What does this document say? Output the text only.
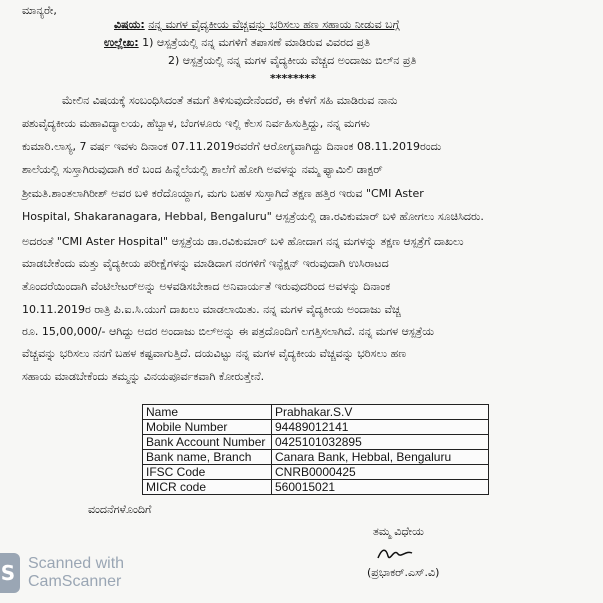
ಮಾನ್ಯರೇ,
ವಿಷಯ: ನನ್ನ ಮಗಳ ವೈದ್ಯಕೀಯ ವೆಚ್ಚವನ್ನು ಭರಿಸಲು ಹಣ ಸಹಾಯ ನೀಡುವ ಬಗ್ಗೆ
ಉಲ್ಲೇಖ: 1) ಆಸ್ಪತ್ರೆಯಲ್ಲಿ ನನ್ನ ಮಗಳಿಗೆ ತಪಾಸಣೆ ಮಾಡಿರುವ ವಿವರದ ಪ್ರತಿ
2) ಆಸ್ಪತ್ರೆಯಲ್ಲಿ ನನ್ನ ಮಗಳ ವೈದ್ಯಕೀಯ ವೆಚ್ಚದ ಅಂದಾಜು ಬಿಲ್‌ನ ಪ್ರತಿ
********
ಮೇಲಿನ ವಿಷಯಕ್ಕೆ ಸಂಬಂಧಿಸಿದಂತೆ ತಮಗೆ ತಿಳಿಸುವುದೇನೆಂದರೆ, ಈ ಕೆಳಗೆ ಸಹಿ ಮಾಡಿರುವ ನಾನು
ಪಶುವೈದ್ಯಕೀಯ ಮಹಾವಿದ್ಯಾಲಯ, ಹೆಬ್ಬಾಳ, ಬೆಂಗಳೂರು ಇಲ್ಲಿ ಕೆಲಸ ನಿರ್ವಹಿಸುತ್ತಿದ್ದು, ನನ್ನ ಮಗಳು
ಕುಮಾರಿ.ಲಾಸ್ಯ, 7 ವರ್ಷ ಇವಳು ದಿನಾಂಕ 07.11.2019ರವರೆಗೆ ಆರೋಗ್ಯವಾಗಿದ್ದು ದಿನಾಂಕ 08.11.2019ರಂದು
ಶಾಲೆಯಲ್ಲಿ ಸುಸ್ತಾಗಿರುವುದಾಗಿ ಕರೆ ಬಂದ ಹಿನ್ನೆಲೆಯಲ್ಲಿ ಶಾಲೆಗೆ ಹೋಗಿ ಅವಳನ್ನು ನಮ್ಮ ಫ್ಯಾಮಿಲಿ ಡಾಕ್ಟರ್
ಶ್ರೀಮತಿ.ಶಾಂತಲಾಗಿರೀಶ್ ಅವರ ಬಳಿ ಕರೆದೊಯ್ದಾಗ, ಮಗು ಬಹಳ ಸುಸ್ತಾಗಿದೆ ತಕ್ಷಣ ಹತ್ತಿರ ಇರುವ "CMI Aster
Hospital, Shakaranagara, Hebbal, Bengaluru" ಆಸ್ಪತ್ರೆಯಲ್ಲಿ ಡಾ.ರವಿಕುಮಾರ್ ಬಳಿ ಹೋಗಲು ಸೂಚಿಸಿದರು.
ಅದರಂತೆ "CMI Aster Hospital" ಆಸ್ಪತ್ರೆಯ ಡಾ.ರವಿಕುಮಾರ್ ಬಳಿ ಹೋದಾಗ ನನ್ನ ಮಗಳನ್ನು ತಕ್ಷಣ ಆಸ್ಪತ್ರೆಗೆ ದಾಖಲು
ಮಾಡಬೇಕೆಂದು ಮತ್ತು ವೈದ್ಯಕೀಯ ಪರೀಕ್ಷೆಗಳನ್ನು ಮಾಡಿದಾಗ ನರಗಳಿಗೆ ಇನ್ಫೆಕ್ಷನ್ ಇರುವುದಾಗಿ ಉಸಿರಾಟದ
ತೊಂದರೆಯಿಂದಾಗಿ ವೆಂಟಿಲೇಟರ್‌ಅನ್ನು ಅಳವಡಿಸಬೇಕಾದ ಅನಿವಾರ್ಯತೆ ಇರುವುದರಿಂದ ಅವಳನ್ನು ದಿನಾಂಕ
10.11.2019ರ ರಾತ್ರಿ ಪಿ.ಐ.ಸಿ.ಯುಗೆ ದಾಖಲು ಮಾಡಲಾಯಿತು. ನನ್ನ ಮಗಳ ವೈದ್ಯಕೀಯ ಅಂದಾಜು ವೆಚ್ಚ
ರೂ. 15,00,000/- ಆಗಿದ್ದು ಅದರ ಅಂದಾಜು ಬಿಲ್‌ಅನ್ನು ಈ ಪತ್ರದೊಂದಿಗೆ ಲಗತ್ತಿಸಲಾಗಿದೆ. ನನ್ನ ಮಗಳ ಆಸ್ಪತ್ರೆಯ
ವೆಚ್ಚವನ್ನು ಭರಿಸಲು ನನಗೆ ಬಹಳ ಕಷ್ಟವಾಗುತ್ತಿದೆ. ದಯವಿಟ್ಟು ನನ್ನ ಮಗಳ ವೈದ್ಯಕೀಯ ವೆಚ್ಚವನ್ನು ಭರಿಸಲು ಹಣ
ಸಹಾಯ ಮಾಡಬೇಕೆಂದು ತಮ್ಮನ್ನು ವಿನಯಪೂರ್ವಕವಾಗಿ ಕೋರುತ್ತೇನೆ.
Name	Prabhakar.S.V
Mobile Number	94489012141
Bank Account Number	0425101032895
Bank name, Branch	Canara Bank, Hebbal, Bengaluru
IFSC Code	CNRB0000425
MICR code	560015021
ವಂದನೆಗಳೊಂದಿಗೆ
ತಮ್ಮ ವಿಧೇಯ
(ಪ್ರಭಾಕರ್.ಎಸ್.ವಿ)
S Scanned with
CamScanner
